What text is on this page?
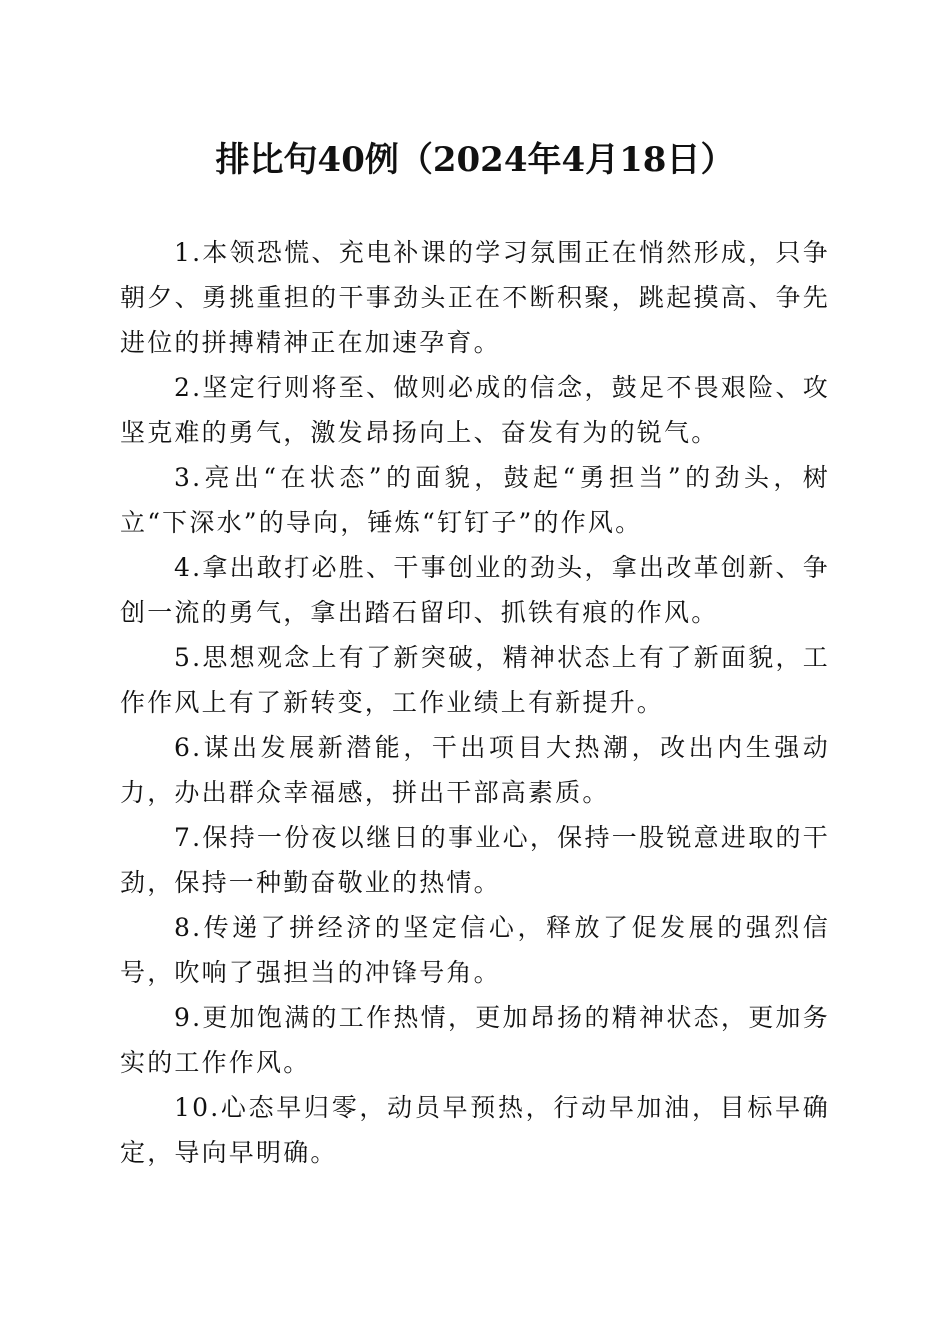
排比句40例（2024年4月18日）

1.本领恐慌、充电补课的学习氛围正在悄然形成，只争朝夕、勇挑重担的干事劲头正在不断积聚，跳起摸高、争先进位的拼搏精神正在加速孕育。

2.坚定行则将至、做则必成的信念，鼓足不畏艰险、攻坚克难的勇气，激发昂扬向上、奋发有为的锐气。

3.亮出“在状态”的面貌，鼓起“勇担当”的劲头，树立“下深水”的导向，锤炼“钉钉子”的作风。

4.拿出敢打必胜、干事创业的劲头，拿出改革创新、争创一流的勇气，拿出踏石留印、抓铁有痕的作风。

5.思想观念上有了新突破，精神状态上有了新面貌，工作作风上有了新转变，工作业绩上有新提升。

6.谋出发展新潜能，干出项目大热潮，改出内生强动力，办出群众幸福感，拼出干部高素质。

7.保持一份夜以继日的事业心，保持一股锐意进取的干劲，保持一种勤奋敬业的热情。

8.传递了拼经济的坚定信心，释放了促发展的强烈信号，吹响了强担当的冲锋号角。

9.更加饱满的工作热情，更加昂扬的精神状态，更加务实的工作作风。

10.心态早归零，动员早预热，行动早加油，目标早确定，导向早明确。
